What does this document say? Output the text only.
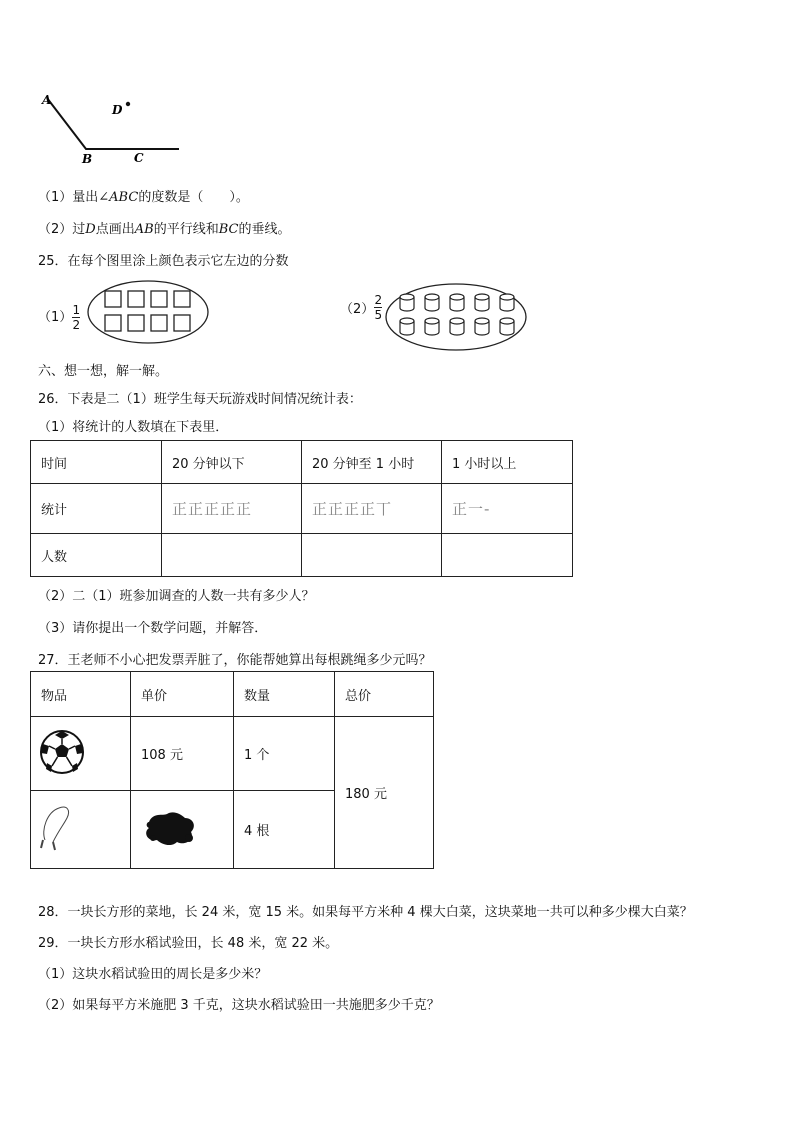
A
B	C
D
（1）量出∠ABC的度数是（　　）。
（2）过D点画出AB的平行线和BC的垂线。
25．在每个图里涂上颜色表示它左边的分数
$(1) \frac{1}{2}$	$(2) \frac{2}{5}$
六、想一想，解一解。
26．下表是二（1）班学生每天玩游戏时间情况统计表：
（1）将统计的人数填在下表里．
时间	20 分钟以下	20 分钟至 1 小时	1 小时以上
统计	正正正正正	正正正正丅	正一-
人数			
（2）二（1）班参加调查的人数一共有多少人？
（3）请你提出一个数学问题，并解答．
27．王老师不小心把发票弄脏了，你能帮她算出每根跳绳多少元吗？
物品	单价	数量	总价
	108 元	1 个	180 元
		4 根	
28．一块长方形的菜地，长 24 米，宽 15 米。如果每平方米种 4 棵大白菜，这块菜地一共可以种多少棵大白菜？
29．一块长方形水稻试验田，长 48 米，宽 22 米。
（1）这块水稻试验田的周长是多少米？
（2）如果每平方米施肥 3 千克，这块水稻试验田一共施肥多少千克？
